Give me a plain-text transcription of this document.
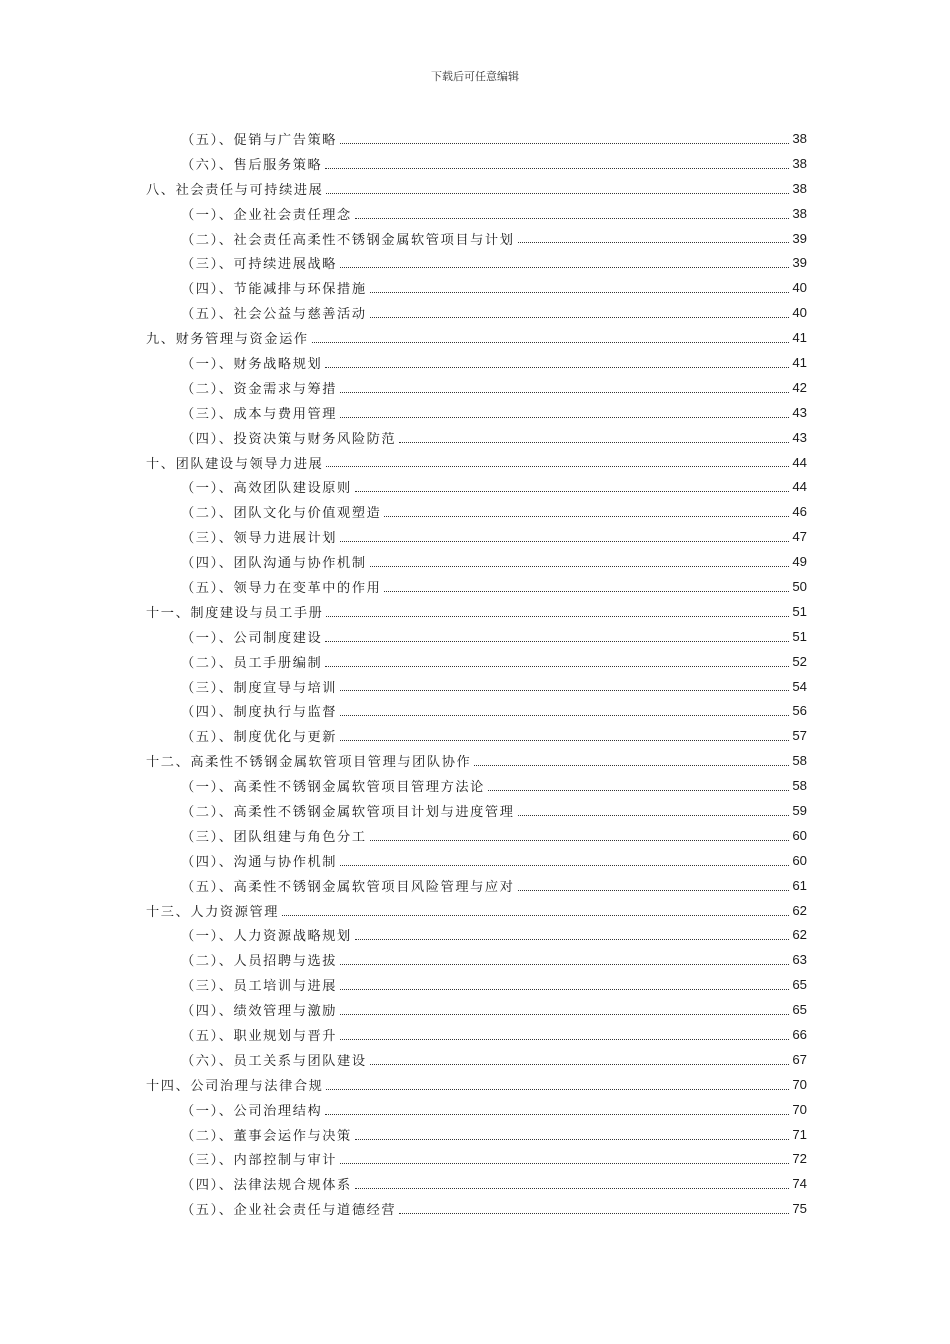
下载后可任意编辑
（五）、促销与广告策略	38
（六）、售后服务策略	38
八、社会责任与可持续进展	38
（一）、企业社会责任理念	38
（二）、社会责任高柔性不锈钢金属软管项目与计划	39
（三）、可持续进展战略	39
（四）、节能减排与环保措施	40
（五）、社会公益与慈善活动	40
九、财务管理与资金运作	41
（一）、财务战略规划	41
（二）、资金需求与筹措	42
（三）、成本与费用管理	43
（四）、投资决策与财务风险防范	43
十、团队建设与领导力进展	44
（一）、高效团队建设原则	44
（二）、团队文化与价值观塑造	46
（三）、领导力进展计划	47
（四）、团队沟通与协作机制	49
（五）、领导力在变革中的作用	50
十一、制度建设与员工手册	51
（一）、公司制度建设	51
（二）、员工手册编制	52
（三）、制度宣导与培训	54
（四）、制度执行与监督	56
（五）、制度优化与更新	57
十二、高柔性不锈钢金属软管项目管理与团队协作	58
（一）、高柔性不锈钢金属软管项目管理方法论	58
（二）、高柔性不锈钢金属软管项目计划与进度管理	59
（三）、团队组建与角色分工	60
（四）、沟通与协作机制	60
（五）、高柔性不锈钢金属软管项目风险管理与应对	61
十三、人力资源管理	62
（一）、人力资源战略规划	62
（二）、人员招聘与选拔	63
（三）、员工培训与进展	65
（四）、绩效管理与激励	65
（五）、职业规划与晋升	66
（六）、员工关系与团队建设	67
十四、公司治理与法律合规	70
（一）、公司治理结构	70
（二）、董事会运作与决策	71
（三）、内部控制与审计	72
（四）、法律法规合规体系	74
（五）、企业社会责任与道德经营	75
